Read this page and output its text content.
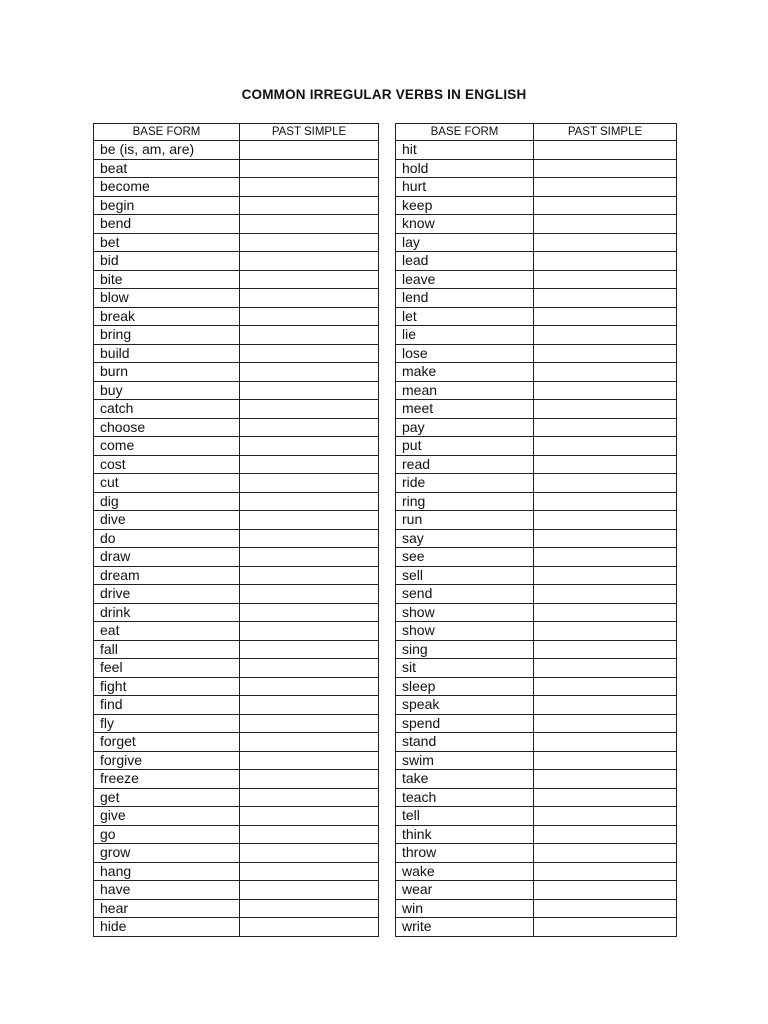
COMMON IRREGULAR VERBS IN ENGLISH
BASE FORM	PAST SIMPLE
be (is, am, are)	
beat	
become	
begin	
bend	
bet	
bid	
bite	
blow	
break	
bring	
build	
burn	
buy	
catch	
choose	
come	
cost	
cut	
dig	
dive	
do	
draw	
dream	
drive	
drink	
eat	
fall	
feel	
fight	
find	
fly	
forget	
forgive	
freeze	
get	
give	
go	
grow	
hang	
have	
hear	
hide	
BASE FORM	PAST SIMPLE
hit	
hold	
hurt	
keep	
know	
lay	
lead	
leave	
lend	
let	
lie	
lose	
make	
mean	
meet	
pay	
put	
read	
ride	
ring	
run	
say	
see	
sell	
send	
show	
show	
sing	
sit	
sleep	
speak	
spend	
stand	
swim	
take	
teach	
tell	
think	
throw	
wake	
wear	
win	
write	
